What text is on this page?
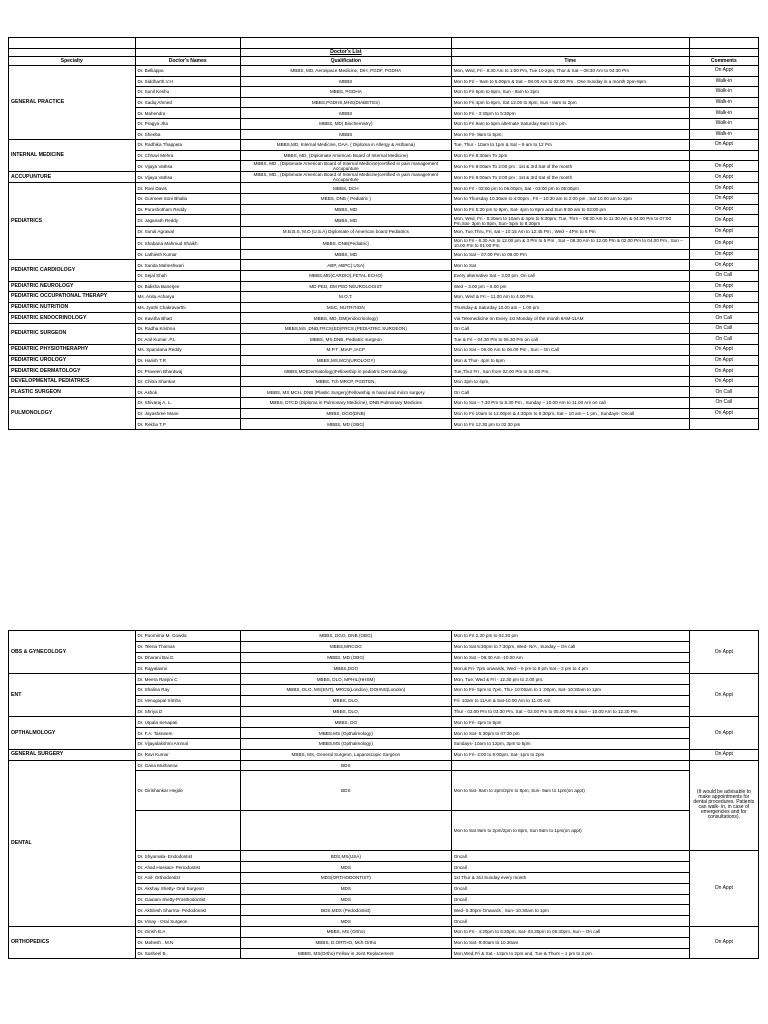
		Doctor's List		
Specialty	Doctor's Names	Qualification	Time	Comments
GENERAL PRACTICE	Dr. Belliappa	MBBS, MD, Aerospace Medicine, DIH, PGDF, PGDHA	Mon, Wed, Fri - 8:30 Am to 1:00 Pm, Tue 10-2pm, Thur & Sat – 08:30 Am to 04:30 Pm	On Appt
	Dr. Siddharth.V.H	MBBS	Mon to Fri – 9am to 5.00pm & Sat – 08.00 Am to 02.00 Pm . One Sunday in a month 2pm-8pm.	Walk-in
	Dr. Sunil Keshu	MBBS, PGDHA	Mon to Fri 6pm to 8pm, Sun - 9am to 2pm	Walk-in
	Dr. Sadiq Ahmed	MBBS,PGDHS,MHS(DIABETES)	Mon to Fri 4pm to 8pm, Sat 12.00 to 8pm, Sun - 8am to 2pm	Walk-in
	Dr. Mahendra	MBBS	Mon to Fri - 3:30pm to 5:30pm	Walk-in
	Dr. Pragya Jha	MBBS, MD( Biochemistry)	Mon to Fri 9am to 5pm.alternate Saturday 9am to 5 pm.	Walk-in
	Dr. Sheeba	MBBS	Mon to Fri- 9am to 5pm;	Walk-in
INTERNAL MEDICINE	Dr. Radhika Thappeta	MBBS,MD, Internal Medicine, DAA. ( Diploma in Allergy & Asthama)	Tue, Thur - 10am to 1pm & Sat – 9 am to 12 Pm	On Appt
	Dr. Chhavi Mehra	MBBS, MD, (Diplomate American Board of Internal Medicine)	Mon to Fri 8:30am To 2pm	
	Dr. Vijaya Vathsa	MBBS, MD., (Diplomate American Board of Internal Medicine)certified in pain management Accupunture	Mon to Fri 8:00am To 2:00 pm : 1st & 3rd Sat of the month	On Appt
ACCUPUNTURE	Dr. Vijaya Vathsa	MBBS, MD., (Diplomate American Board of Internal Medicine)certified in pain management Accupunture	Mon to Fri 8:00am To 2:00 pm : 1st & 3rd Sat of the month	On Appt
PEDIATRICS	Dr. Rani Davis	MBBS, DCH	Mon to Fri - 03:00 pm to 06.00pm, Sat - 03:00 pm to 05:00pm	On Appt
	Dr. Gurmeet Soni Bhalla	MBBS, DNB ( Pediatric )	Mon to Thursday 10.30am to 4:00pm , Fri – 10:30 am to 2:00 pm , Sat 10.00 am to 2pm	On Appt
	Dr. Purushotham Reddy	MBBS, MD	Mon to Fri 5:30 pm to 9pm, Sat- 4pm to 8pm and Sun 9:00 am to 02:00 pm	On Appt
	Dr. Jaganath Reddy	MBBS, MD	Mon, Wed, Fri - 8:30am to 10am & 4pm to 5:30pm, Tue, Thrs – 08:30 Am to 11:30 Am & 04:00 Pm to 07:00 Pm,Sat- 3pm to 8pm, Sun- 5pm to 8.30pm	On Appt
	Dr. Sonal Agrawal	M.B.B.S, M.D (U.S.A) Diplomate of American board Pediatrics	Mon, Tue,Thru, Fri, sat – 10:15 Am to 12:45 Pm , Wed – 4Pm to 6 Pm	On Appt
	Dr. Shabana Mahmud Shaikh	MBBS, DNB(Pediatric)	Mon to Fri - 8.30 Am to 12.00 pm & 3 Pm to 5 Pm , Sat – 08.30 Am to 12.00 Pm & 02.00 Pm to 04.00 Pm , Sun – 10.00 Pm to 01.00 Pm	On Appt
	Dr. Lathiesh Kumar	MBBS, MD	Mon to Sat – 07.00 Pm to 09.00 Pm	On Appt
PEDIATRIC CARDIOLOGY	Dr. Sunita Maheshwari	ABP, ABPC( USA)	Mon to Sat	On Appt
	Dr. Sejal Shah	MBBS,MD(CARDIO),FETAL ECHO)	Every alternative Sat – 3.00 pm. On call	On Call
PEDIATRIC NEUROLOGY	Dr. Bidisha Banerjee	MD PED, DM PED NEUROLOGIST	Wed – 3.00 pm – 5.00 pm	On Appt
PEDIATRIC OCCUPATIONAL THERAPY	Ms. Anita Acharya	M.O.T.	Mon, Wed & Fri – 11.00 Am to 4.00 Pm.	On Appt
PEDIATRIC NUTRITION	Ms. Jyothi Chakravarthi	MSC, NUTRITION	Thursday & Saturday 10.00 am – 1.00 pm	On Appt
PEDIATRIC ENDOCRINOLOGY	Dr. Kavitha Bhatt	MBBS, MD, DM(endocrinology)	Via Telemedicine on Every 1st Monday of the month 9AM-11AM	On Call
PEDIATRIC SURGEON	Dr. Radha Krishna	MBBS,MS ,DNB,FRCS(ED)FRCS (PEDIATRIC SURGEON)	On Call	On Call
	Dr. Anil Kumar .P.L	MBBS, MS,DNB, Pediatric surgeon	Tue & Fri – 04.30 Pm to 05.30 Pm on call	On Call
PEDIATRIC PHYSIOTHERAPHY	Ms. Spandana Reddy	M.P.T ,MIAP ,IACP	Mon to Sat – 09.00 Am to 06.00 Pm , Sun – On Call	On Appt
PEDIATRIC UROLOGY	Dr. Harish T.R	MBBS,MS,MCh(UROLOGY)	Mon & Thur- 4pm to 6pm	On Appt
PEDIATRIC DERMATOLOGY	Dr. Praveen Bhardwaj	MBBS,MD(Dermatology)Fellowship in pediatric Dermatology	Tue,Thur Fri , Sun from 02.00 Pm to 04.00 Pm,	On Appt
DEVELOPMENTAL PEDIATRICS	Dr. Chitra Shankar	MBBS, Tch MRCP, PGDTEN,	Mon 2pm to 4pm,	On Appt
PLASTIC SURGEON	Dr. Ashok	MBBS, MS MCH.,DNB (Plastic Surgery)Fellowship in hand and micro surgery	On Call	On Call
PULMONOLOGY	Dr. Shivaraj A. L.	MBBS, DTCD (Diploma in Pulmonary Medicine), DNB Pulmonary Medicine	Mon to Sat – 7.30 Pm to 8.30 Pm , Sunday – 10.00 Am to 11.00 Am on call	On Call
	Dr. Jayashree Mane	MBBS, DGO(DNB)	Mon to Fri 10am to 12.00pm & 4:30pm to 5:30pm, Sat – 10 am – 1 pm , Sundays- Oncall	On Appt
	Dr. Rekha T.P	MBBS, MD (OBG)	Mon to Fri 12.30 pm to 02.30 pm	
OBS & GYNECOLOGY	Dr. Poornima M. Gowda	MBBS, DGO, DNB (OBG)	Mon to Fri 2.30 pm to 04.30 pm	On Appt
	Dr. Teena Thomas	MBBS,MRCOG	Mon to Sat 5:30pm to 7:30pm, Wed- N/A , Sunday – On call	
	Dr. Dharani Bai.G	MBBS, MD (OBG)	Mon to Sat – 08.30 Am -10.00 Am	
	Dr. Rajyalaxmi	MBBS,DGO	Mon,& Fri- 7pm onwards, Wed – 6 pm to 8 pm Sat – 2 pm to 4 pm	
ENT	Dr. Meera Ranjini C	MBBS, DLO, MPHIL(HHSM)	Mon, Tue, Wed & Fri - 12.30 pm to 2.00 pm,	On Appt
	Dr. Shalina Ray	MBBS, DLO, MS(ENT), MRCS(London), DOHNS(London)	Mon to Fri- 5pm to 7pm, Thu- 10:00am to 1 :00pm, Sat- 10:30am to 1pm	
	Dr. Venugopal Simha	MBBS, DLO,	Fri- 10am to 11Am & Sat-10.00 Am to 11.00 Am	
	Dr. Shriya D	MBBS, DLO,	Thur - 02.00 Pm to 03.30 Pm, Sat – 02.00 Pm to 05.00 Pm & Sun – 10.00 Am to 12.30 Pm	
OPTHALMOLOGY	Dr. Utpala Senapati	MBBS, DO	Mon to Fri- 4pm to 5pm	On Appt
	Dr. F.A. Tasneem	MBBS,MS (Opthalmology)	Mon to Sat- 5:30pm to 07:30 pm	
	Dr. Vijayalakshmi Ammal	MBBS,MS (Opthalmology)	Sundays- 10am to 12pm, 3pm to 5pm	
GENERAL SURGERY	Dr. Ravi Kumar	MBBS, MS, General Surgeon, Laparoscopic Surgeon	Mon to Fri- 4:00 to 5:00pm, Sat- 1pm to 2pm	On Appt
DENTAL	Dr. Gana Muthanna	BDS		(It would be advisable to make appointments for dental procedures. Patients can walk- in, in case of emergencies and for consultations).
	Dr. Girishankar Hegde	BDS	Mon to Sat- 9am to 2pm/2pm to 8pm, Sun- 9am to 1pm(on appt)	
			Mon to Sat 9am to 2pm/2pm to 8pm, Sun 9am to 1pm(on appt)	
	Dr. Shyamala- Endodontist	BDS,MS(USA)	Oncall	On Appt
	Dr. Ahad Hussain- Periodontist	MDS	Oncall	
	Dr. Anil- Orthodontist	MDS(ORTHODONTIST)	1st Thur & 3rd Sunday every month	
	Dr. Akshay Shetty- Oral Surgeon	MDS	Oncall	
	Dr. Gautam shetty-Prosthodontist	MDS	Oncall	
	Dr. Akhilesh Sharma- Pedodontist	BDS,MDS (Pedodontist)	Wed- 5.30pm Onwards , Sun- 10.30am to 1pm	
	Dr. Vinay - Oral Surgeon	MDS	Oncall	
ORTHOPEDICS	Dr. Girish B.A	MBBS, MS (Ortho)	Mon to Fri - 4:20pm to 5:30pm, Sat- 03.30pm to 05.30pm, Sun – On call	On Appt
	Dr. Mahesh . M.N	MBBS, D.ORTHO, Mch Ortho	Mon to Sat- 9:00am to 10.30am	
	Dr. Susheel B.	MBBS, MS(Ortho) Fellow in Joint Replacement	Mon,Wed,Fri & Sat - 12pm to 2pm and, Tue & Thurs – 1 pm to 2 pm .	
